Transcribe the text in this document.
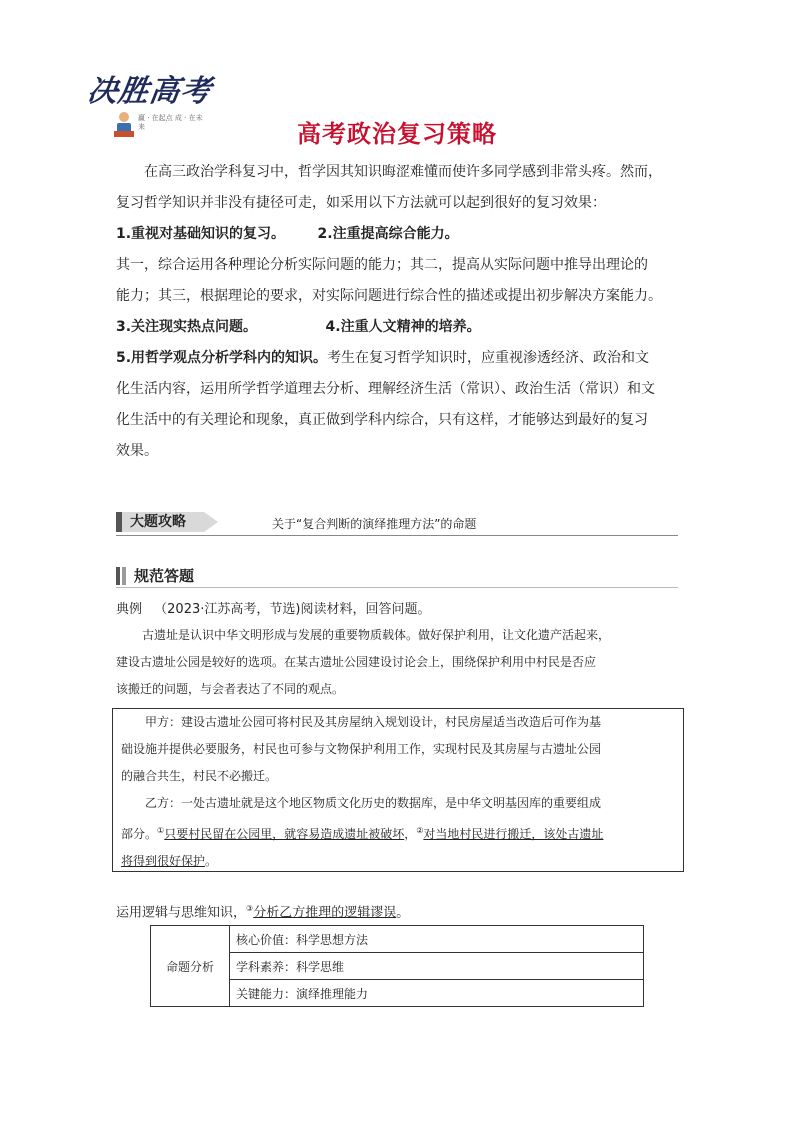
决胜高考
赢 · 在起点 成 · 在未来	高考政治复习策略
在高三政治学科复习中，哲学因其知识晦涩难懂而使许多同学感到非常头疼。然而，
复习哲学知识并非没有捷径可走，如采用以下方法就可以起到很好的复习效果：
1.重视对基础知识的复习。 2.注重提高综合能力。
其一，综合运用各种理论分析实际问题的能力；其二，提高从实际问题中推导出理论的
能力；其三，根据理论的要求，对实际问题进行综合性的描述或提出初步解决方案能力。
3.关注现实热点问题。	4.注重人文精神的培养。
5.用哲学观点分析学科内的知识。考生在复习哲学知识时，应重视渗透经济、政治和文
化生活内容，运用所学哲学道理去分析、理解经济生活（常识）、政治生活（常识）和文
化生活中的有关理论和现象，真正做到学科内综合，只有这样，才能够达到最好的复习
效果。
大题攻略	关于“复合判断的演绎推理方法”的命题
规范答题
典例 （2023·江苏高考，节选)阅读材料，回答问题。
古遗址是认识中华文明形成与发展的重要物质载体。做好保护利用，让文化遗产活起来，
建设古遗址公园是较好的选项。在某古遗址公园建设讨论会上，围绕保护利用中村民是否应
该搬迁的问题，与会者表达了不同的观点。
甲方：建设古遗址公园可将村民及其房屋纳入规划设计，村民房屋适当改造后可作为基
础设施并提供必要服务，村民也可参与文物保护利用工作，实现村民及其房屋与古遗址公园
的融合共生，村民不必搬迁。
乙方：一处古遗址就是这个地区物质文化历史的数据库，是中华文明基因库的重要组成
部分。①只要村民留在公园里，就容易造成遗址被破坏，②对当地村民进行搬迁，该处古遗址
将得到很好保护。
运用逻辑与思维知识，③分析乙方推理的逻辑谬误。
命题分析	核心价值：科学思想方法
学科素养：科学思维
关键能力：演绎推理能力
